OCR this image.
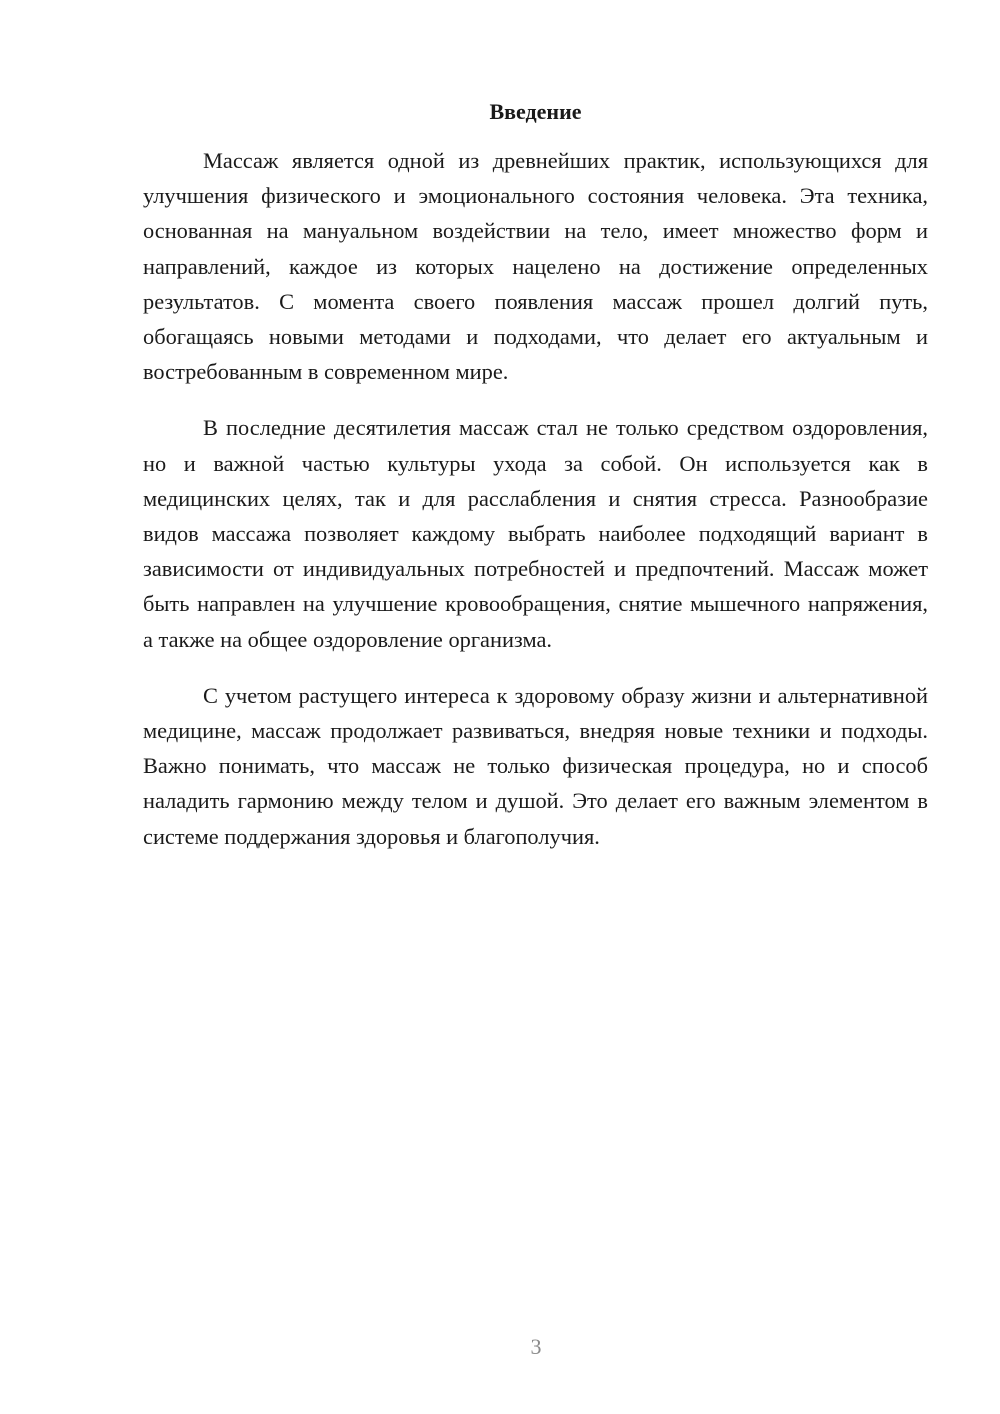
Введение

Массаж является одной из древнейших практик, использующихся для улучшения физического и эмоционального состояния человека. Эта техника, основанная на мануальном воздействии на тело, имеет множество форм и направлений, каждое из которых нацелено на достижение определенных результатов. С момента своего появления массаж прошел долгий путь, обогащаясь новыми методами и подходами, что делает его актуальным и востребованным в современном мире.

В последние десятилетия массаж стал не только средством оздоровления, но и важной частью культуры ухода за собой. Он используется как в медицинских целях, так и для расслабления и снятия стресса. Разнообразие видов массажа позволяет каждому выбрать наиболее подходящий вариант в зависимости от индивидуальных потребностей и предпочтений. Массаж может быть направлен на улучшение кровообращения, снятие мышечного напряжения, а также на общее оздоровление организма.

С учетом растущего интереса к здоровому образу жизни и альтернативной медицине, массаж продолжает развиваться, внедряя новые техники и подходы. Важно понимать, что массаж не только физическая процедура, но и способ наладить гармонию между телом и душой. Это делает его важным элементом в системе поддержания здоровья и благополучия.

3
